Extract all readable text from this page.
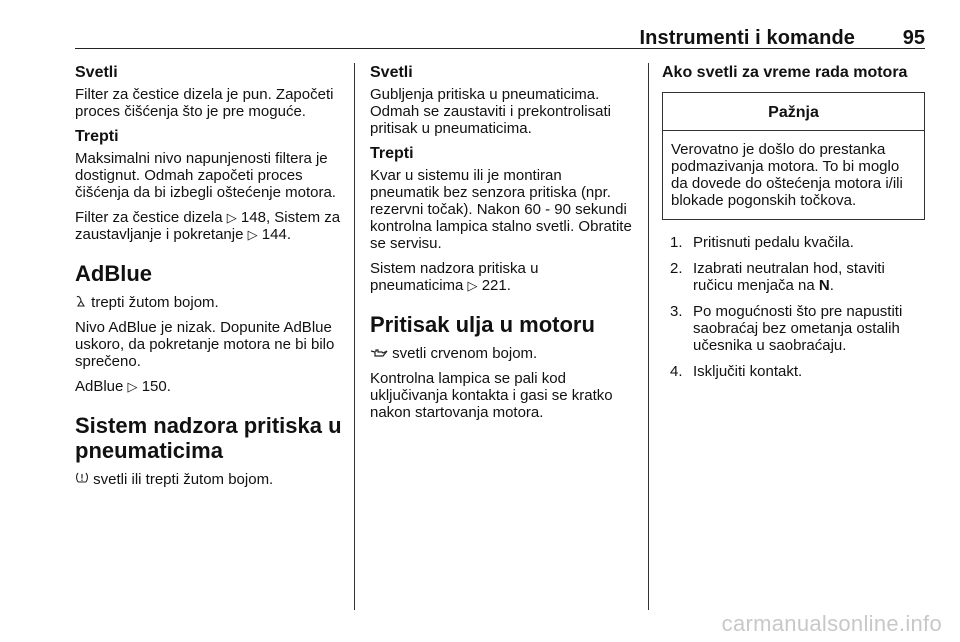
Instrumenti i komande 95
Svetli

Filter za čestice dizela je pun. Započeti proces čišćenja što je pre moguće.

Trepti

Maksimalni nivo napunjenosti filtera je dostignut. Odmah započeti proces čišćenja da bi izbegli oštećenje motora.

Filter za čestice dizela ▷ 148, Sistem za zaustavljanje i pokretanje ▷ 144.

AdBlue

trepti žutom bojom.

Nivo AdBlue je nizak. Dopunite AdBlue uskoro, da pokretanje motora ne bi bilo sprečeno.

AdBlue ▷ 150.

Sistem nadzora pritiska u pneumaticima

svetli ili trepti žutom bojom.

Svetli

Gubljenja pritiska u pneumaticima. Odmah se zaustaviti i prekontrolisati pritisak u pneumaticima.

Trepti

Kvar u sistemu ili je montiran pneumatik bez senzora pritiska (npr. rezervni točak). Nakon 60 - 90 sekundi kontrolna lampica stalno svetli. Obratite se servisu.

Sistem nadzora pritiska u pneumaticima ▷ 221.

Pritisak ulja u motoru

svetli crvenom bojom.

Kontrolna lampica se pali kod uključivanja kontakta i gasi se kratko nakon startovanja motora.

Ako svetli za vreme rada motora
Pažnja
Verovatno je došlo do prestanka podmazivanja motora. To bi moglo da dovede do oštećenja motora i/ili blokade pogonskih točkova.
1. Pritisnuti pedalu kvačila.
2. Izabrati neutralan hod, staviti ručicu menjača na N.
3. Po mogućnosti što pre napustiti saobraćaj bez ometanja ostalih učesnika u saobraćaju.
4. Isključiti kontakt.
carmanualsonline.info
